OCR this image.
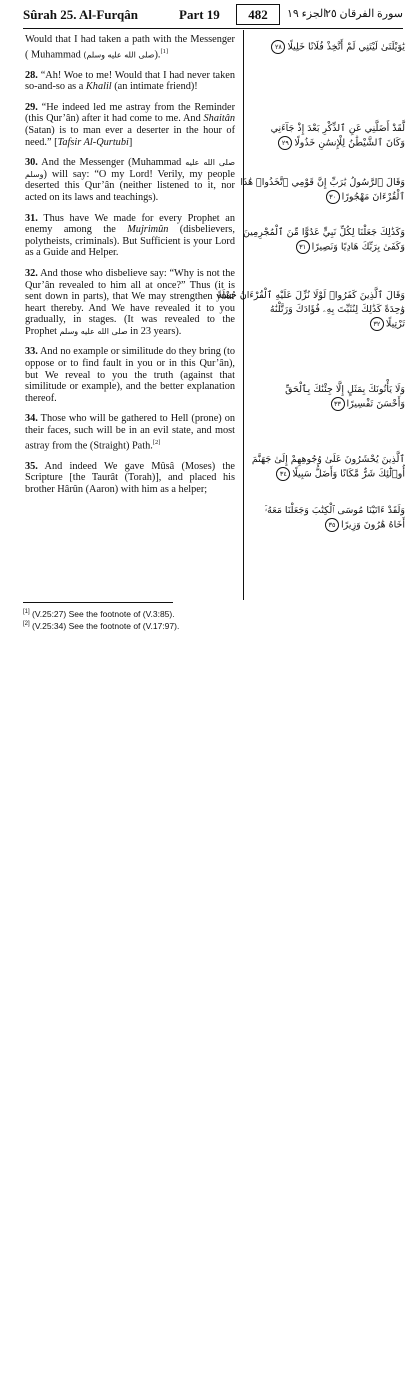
Sûrah 25. Al-Furqân	Part 19	482	الجزء ١٩
سورة الفرقان ٢٥

Would that I had taken a path with the Messenger ( Muhammad (صلى الله عليه وسلم).[1]

28. “Ah! Woe to me! Would that I had never taken so-and-so as a Khalil (an intimate friend)!

29. “He indeed led me astray from the Reminder (this Qur’ân) after it had come to me. And Shaitân (Satan) is to man ever a deserter in the hour of need.” [Tafsir Al-Qurtubi]

30. And the Messenger (Muhammad صلى الله عليه وسلم) will say: “O my Lord! Verily, my people deserted this Qur’ân (neither listened to it, nor acted on its laws and teachings).

31. Thus have We made for every Prophet an enemy among the Mujrimûn (disbelievers, polytheists, criminals). But Sufficient is your Lord as a Guide and Helper.

32. And those who disbelieve say: “Why is not the Qur’ân revealed to him all at once?” Thus (it is sent down in parts), that We may strengthen your heart thereby. And We have revealed it to you gradually, in stages. (It was revealed to the Prophet صلى الله عليه وسلم in 23 years).

33. And no example or similitude do they bring (to oppose or to find fault in you or in this Qur’ân), but We reveal to you the truth (against that similitude or example), and the better explanation thereof.

34. Those who will be gathered to Hell (prone) on their faces, such will be in an evil state, and most astray from the (Straight) Path.[2]

35. And indeed We gave Mûsâ (Moses) the Scripture [the Taurât (Torah)], and placed his brother Hârûn (Aaron) with him as a helper;

يَٰوَيْلَتَىٰ لَيْتَنِي لَمْ أَتَّخِذْ فُلَانًا خَلِيلًا٢٨
لَّقَدْ أَضَلَّنِي عَنِ ٱلذِّكْرِ بَعْدَ إِذْ جَآءَنِي
وَكَانَ ٱلشَّيْطَٰنُ لِلْإِنسَٰنِ خَذُولًا٢٩
وَقَالَ ٱلرَّسُولُ يَٰرَبِّ إِنَّ قَوْمِي ٱتَّخَذُوا۟ هَٰذَا
ٱلْقُرْءَانَ مَهْجُورًا٣٠
وَكَذَٰلِكَ جَعَلْنَا لِكُلِّ نَبِيٍّ عَدُوًّا مِّنَ ٱلْمُجْرِمِينَ
وَكَفَىٰ بِرَبِّكَ هَادِيًا وَنَصِيرًا٣١
وَقَالَ ٱلَّذِينَ كَفَرُوا۟ لَوْلَا نُزِّلَ عَلَيْهِ ٱلْقُرْءَانُ جُمْلَةً
وَٰحِدَةً كَذَٰلِكَ لِنُثَبِّتَ بِهِۦ فُؤَادَكَ وَرَتَّلْنَٰهُ
تَرْتِيلًا٣٢
وَلَا يَأْتُونَكَ بِمَثَلٍ إِلَّا جِئْنَٰكَ بِٱلْحَقِّ
وَأَحْسَنَ تَفْسِيرًا٣٣
ٱلَّذِينَ يُحْشَرُونَ عَلَىٰ وُجُوهِهِمْ إِلَىٰ جَهَنَّمَ
أُو۟لَٰٓئِكَ شَرٌّ مَّكَانًا وَأَضَلُّ سَبِيلًا٣٤
وَلَقَدْ ءَاتَيْنَا مُوسَى ٱلْكِتَٰبَ وَجَعَلْنَا مَعَهُۥٓ
أَخَاهُ هَٰرُونَ وَزِيرًا٣٥
[1] (V.25:27) See the footnote of (V.3:85).
[2] (V.25:34) See the footnote of (V.17:97).
